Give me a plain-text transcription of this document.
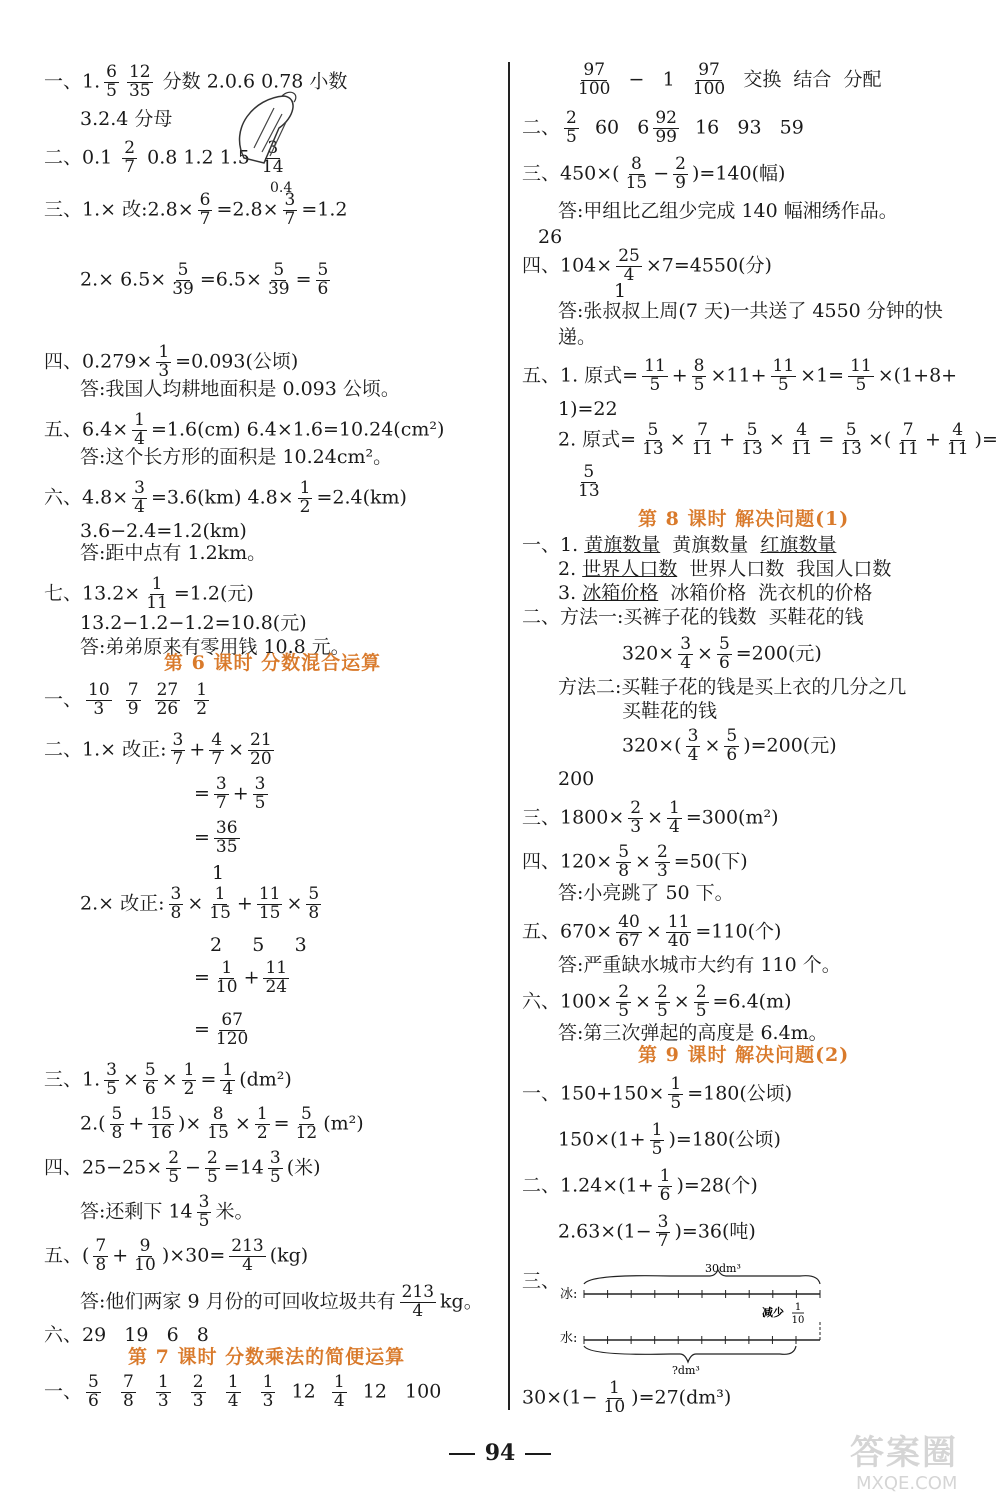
一、1. $\frac{6}{5} \frac{12}{35}$ 分数 2.0.6 0.78 小数
3.2.4 分母
二、$0.1 \frac{2}{7} 0.8$ 1.2 $1.5 \frac{3}{14}$
0.4
三、1.× 改:2.8× $\frac{6}{7} =2.8\times \frac{3}{7} =1.2$
$2.\times 6.5\times \frac{5}{39} =6.5\times \frac{5}{39} = \frac{5}{6}$
四、$0.279\times \frac{1}{3} =0.093$(公顷)
答:我国人均耕地面积是 0.093 公顷。
五、$6.4\times \frac{1}{4} =1.6(cm)$ 6.4×1.6=10.24(cm²)
答:这个长方形的面积是 10.24cm²。
六、$4.8\times \frac{3}{4} =3.6(km)$ $4.8\times \frac{1}{2} =2.4(km)$
3.6−2.4=1.2(km)
答:距中点有 1.2km。
七、$13.2\times \frac{1}{11} =1.2$(元)
13.2−1.2−1.2=10.8(元)
答:弟弟原来有零用钱 10.8 元。
第 6 课时 分数混合运算
一、 $\frac{10}{3}$
$\frac{7}{9}$
$\frac{27}{26}$
$\frac{1}{2}$
二、1.× 改正: $\frac{3}{7} + \frac{4}{7} \times \frac{21}{20}$
= $\frac{3}{7} + \frac{3}{5}$
= $\frac{36}{35}$
1
2.× 改正: $\frac{3}{8} \times \frac{1}{15} + \frac{11}{15} \times \frac{5}{8}$
2     5     3
= $\frac{1}{10} + \frac{11}{24}$
= $\frac{67}{120}$
三、1. $\frac{3}{5} \times \frac{5}{6} \times \frac{1}{2} = \frac{1}{4} (dm^2)$
$2.( \frac{5}{8} + \frac{15}{16}$ )× $\frac{8}{15} \times \frac{1}{2} = \frac{5}{12} (m^2)$
四、$25-25\times \frac{2}{5} - \frac{2}{5} =14 \frac{3}{5}$ (米)
答:还剩下 $14 \frac{3}{5}$ 米。
五、( $\frac{7}{8} + \frac{9}{10} )\times 30= \frac{213}{4} (kg)$
答:他们两家 9 月份的可回收垃圾共有 $\frac{213}{4}$ kg。
六、29   19   6   8
第 7 课时 分数乘法的简便运算
一、 $\frac{5}{6}$
$\frac{7}{8}$
$\frac{1}{3}$
$\frac{2}{3}$
$\frac{1}{4}$
$\frac{1}{3} 12 \frac{1}{4} 12$   100
$\frac{97}{100} - 1 \frac{97}{100}$ 交换  结合  分配
二、 $\frac{2}{5} 60$   $6 \frac{92}{99} 16$   93   59
三、$450\times( \frac{8}{15} - \frac{2}{9} )=140$(幅)
答:甲组比乙组少完成 140 幅湘绣作品。
26
四、$104\times \frac{25}{4} \times 7=4550$(分)
1
答:张叔叔上周(7 天)一共送了 4550 分钟的快
递。
五、1. 原式= $\frac{11}{5} + \frac{8}{5} \times 11+ \frac{11}{5} \times 1= \frac{11}{5} \times(1+8+$
1)=22
2. 原式= $\frac{5}{13} \times \frac{7}{11} + \frac{5}{13} \times \frac{4}{11} = \frac{5}{13}$ ×( $\frac{7}{11} + \frac{4}{11}$ )=
$\frac{5}{13}$
第 8 课时 解决问题(1)
一、1. 黄旗数量 黄旗数量 红旗数量
2. 世界人口数 世界人口数 我国人口数
3. 冰箱价格 冰箱价格 洗衣机的价格
二、方法一:买裤子花的钱数  买鞋花的钱
$320\times \frac{3}{4} \times \frac{5}{6} =200$(元)
方法二:买鞋子花的钱是买上衣的几分之几
买鞋花的钱
$320\times( \frac{3}{4} \times \frac{5}{6} )=200$(元)
200
三、$1800\times \frac{2}{3} \times \frac{1}{4} =300(m^2)$
四、$120\times \frac{5}{8} \times \frac{2}{3} =50$(下)
答:小亮跳了 50 下。
五、$670\times \frac{40}{67} \times \frac{11}{40} =110$(个)
答:严重缺水城市大约有 110 个。
六、$100\times \frac{2}{5} \times \frac{2}{5} \times \frac{2}{5} =6.4(m)$
答:第三次弹起的高度是 6.4m。
第 9 课时 解决问题(2)
一、$150+150\times \frac{1}{5} =180$(公顷)
$150\times(1+ \frac{1}{5} )=180$(公顷)
二、$1.24\times(1+ \frac{1}{6} )=28$(个)
$2.63\times(1- \frac{3}{7} )=36$(吨)
三、
冰:
水:
30dm³
减少 1
10
?dm³
$30\times(1- \frac{1}{10} )=27(dm^3)$
94	答案圈
MXQE.COM
